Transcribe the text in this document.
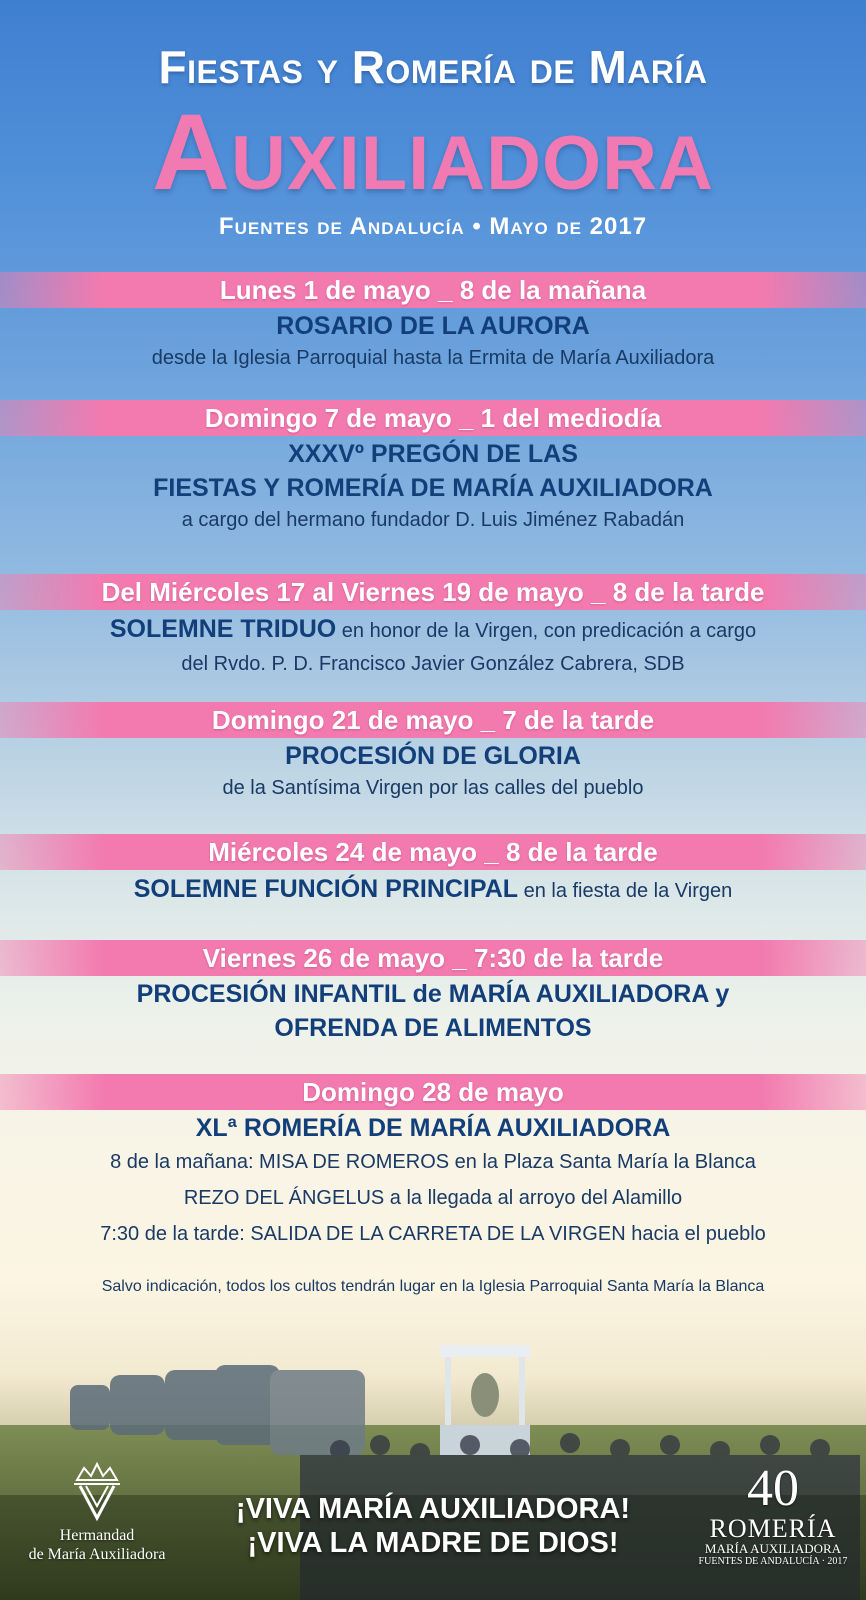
Fiestas y Romería de María
Auxiliadora
Fuentes de Andalucía • Mayo de 2017
Lunes 1 de mayo _ 8 de la mañana
ROSARIO DE LA AURORA
desde la Iglesia Parroquial hasta la Ermita de María Auxiliadora
Domingo 7 de mayo _ 1 del mediodía
XXXVº PREGÓN DE LAS
FIESTAS Y ROMERÍA DE MARÍA AUXILIADORA
a cargo del hermano fundador D. Luis Jiménez Rabadán
Del Miércoles 17 al Viernes 19 de mayo _ 8 de la tarde
SOLEMNE TRIDUO en honor de la Virgen, con predicación a cargo
del Rvdo. P. D. Francisco Javier González Cabrera, SDB
Domingo 21 de mayo _ 7 de la tarde
PROCESIÓN DE GLORIA
de la Santísima Virgen por las calles del pueblo
Miércoles 24 de mayo _ 8 de la tarde
SOLEMNE FUNCIÓN PRINCIPAL en la fiesta de la Virgen
Viernes 26 de mayo _ 7:30 de la tarde
PROCESIÓN INFANTIL de MARÍA AUXILIADORA y
OFRENDA DE ALIMENTOS
Domingo 28 de mayo
XLª ROMERÍA DE MARÍA AUXILIADORA
8 de la mañana: MISA DE ROMEROS en la Plaza Santa María la Blanca
REZO DEL ÁNGELUS a la llegada al arroyo del Alamillo
7:30 de la tarde: SALIDA DE LA CARRETA DE LA VIRGEN hacia el pueblo
Salvo indicación, todos los cultos tendrán lugar en la Iglesia Parroquial Santa María la Blanca
Hermandad
de María Auxiliadora
¡VIVA MARÍA AUXILIADORA!
¡VIVA LA MADRE DE DIOS!
40
ROMERÍA
MARÍA AUXILIADORA
FUENTES DE ANDALUCÍA · 2017
